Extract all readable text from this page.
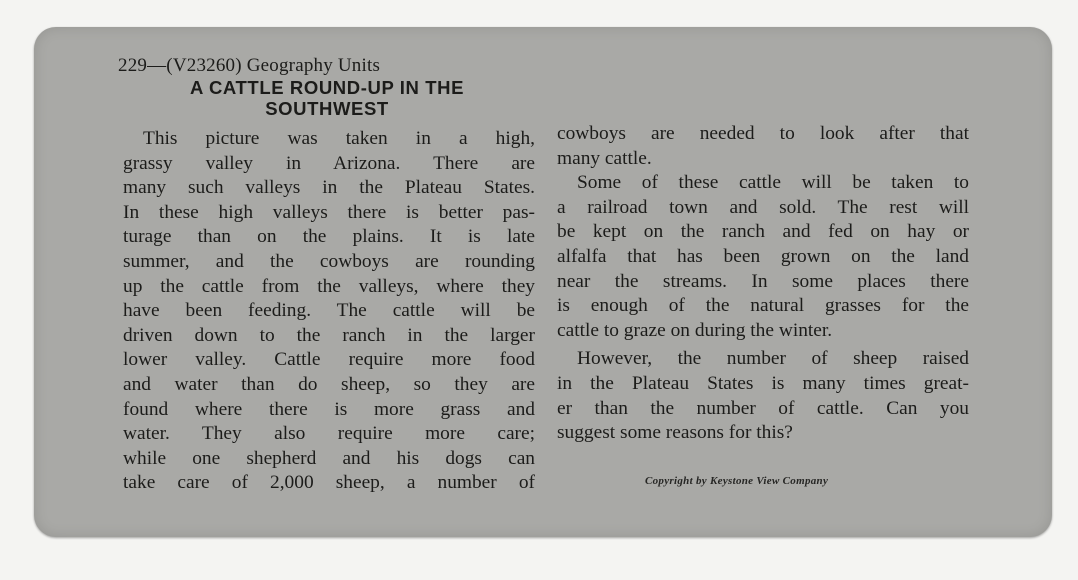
229—(V23260) Geography Units
A CATTLE ROUND-UP IN THE
SOUTHWEST
This picture was taken in a high,
grassy valley in Arizona. There are
many such valleys in the Plateau States.
In these high valleys there is better pas-
turage than on the plains. It is late
summer, and the cowboys are rounding
up the cattle from the valleys, where they
have been feeding. The cattle will be
driven down to the ranch in the larger
lower valley. Cattle require more food
and water than do sheep, so they are
found where there is more grass and
water. They also require more care;
while one shepherd and his dogs can
take care of 2,000 sheep, a number of
cowboys are needed to look after that
many cattle.
Some of these cattle will be taken to
a railroad town and sold. The rest will
be kept on the ranch and fed on hay or
alfalfa that has been grown on the land
near the streams. In some places there
is enough of the natural grasses for the
cattle to graze on during the winter.
However, the number of sheep raised
in the Plateau States is many times great-
er than the number of cattle. Can you
suggest some reasons for this?
Copyright by Keystone View Company
